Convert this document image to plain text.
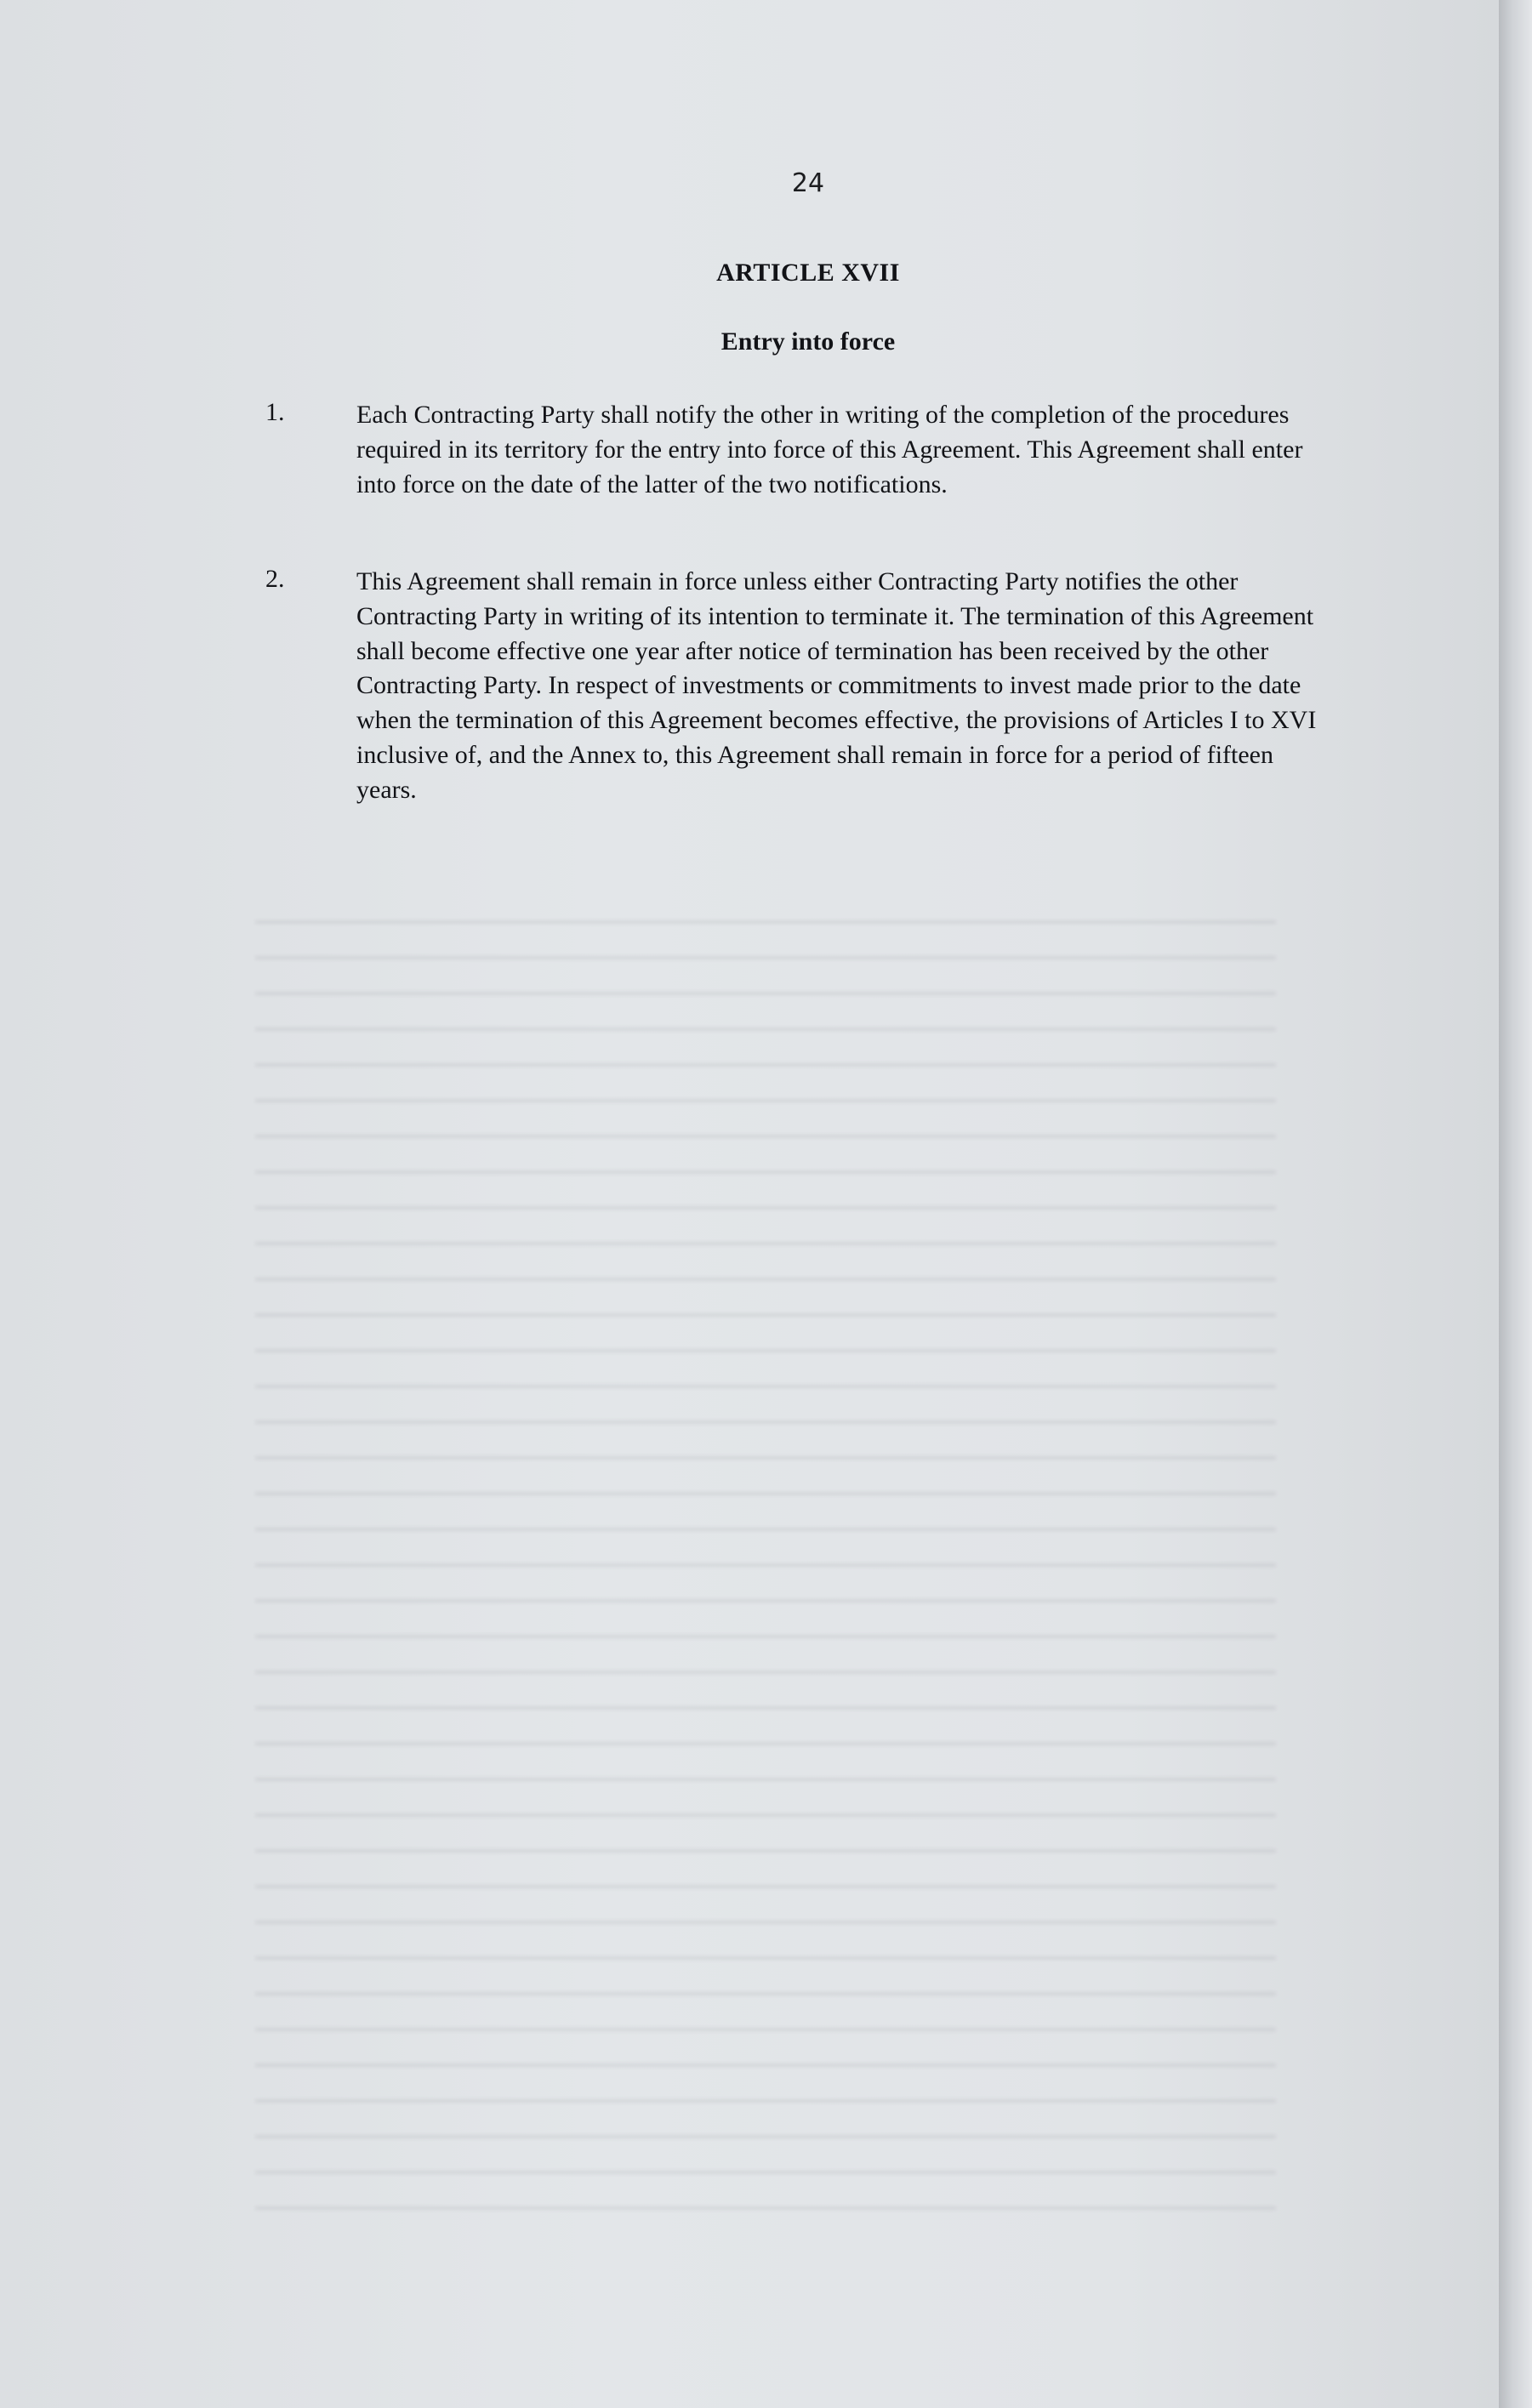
24
ARTICLE XVII
Entry into force
1.	Each Contracting Party shall notify the other in writing of the completion of the procedures required in its territory for the entry into force of this Agreement. This Agreement shall enter into force on the date of the latter of the two notifications.
2.	This Agreement shall remain in force unless either Contracting Party notifies the other Contracting Party in writing of its intention to terminate it. The termination of this Agreement shall become effective one year after notice of termination has been received by the other Contracting Party. In respect of investments or commitments to invest made prior to the date when the termination of this Agreement becomes effective, the provisions of Articles I to XVI inclusive of, and the Annex to, this Agreement shall remain in force for a period of fifteen years.
